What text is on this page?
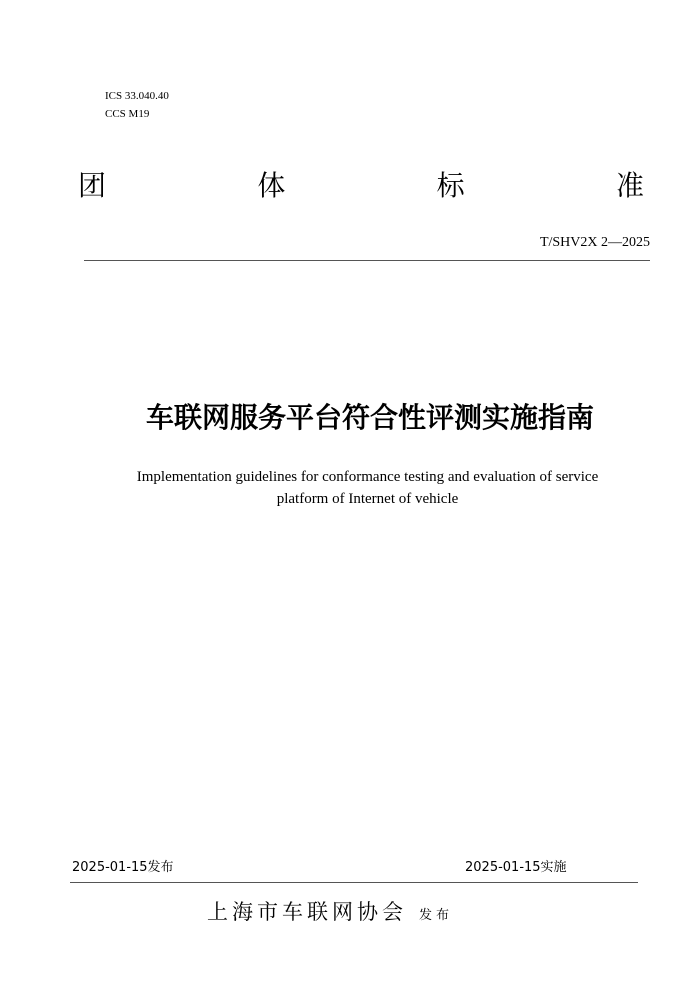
ICS 33.040.40
CCS M19
团	体	标	准
T/SHV2X 2—2025
车联网服务平台符合性评测实施指南
Implementation guidelines for conformance testing and evaluation of service
platform of Internet of vehicle
2025-01-15发布	2025-01-15实施
上海市车联网协会 发布
